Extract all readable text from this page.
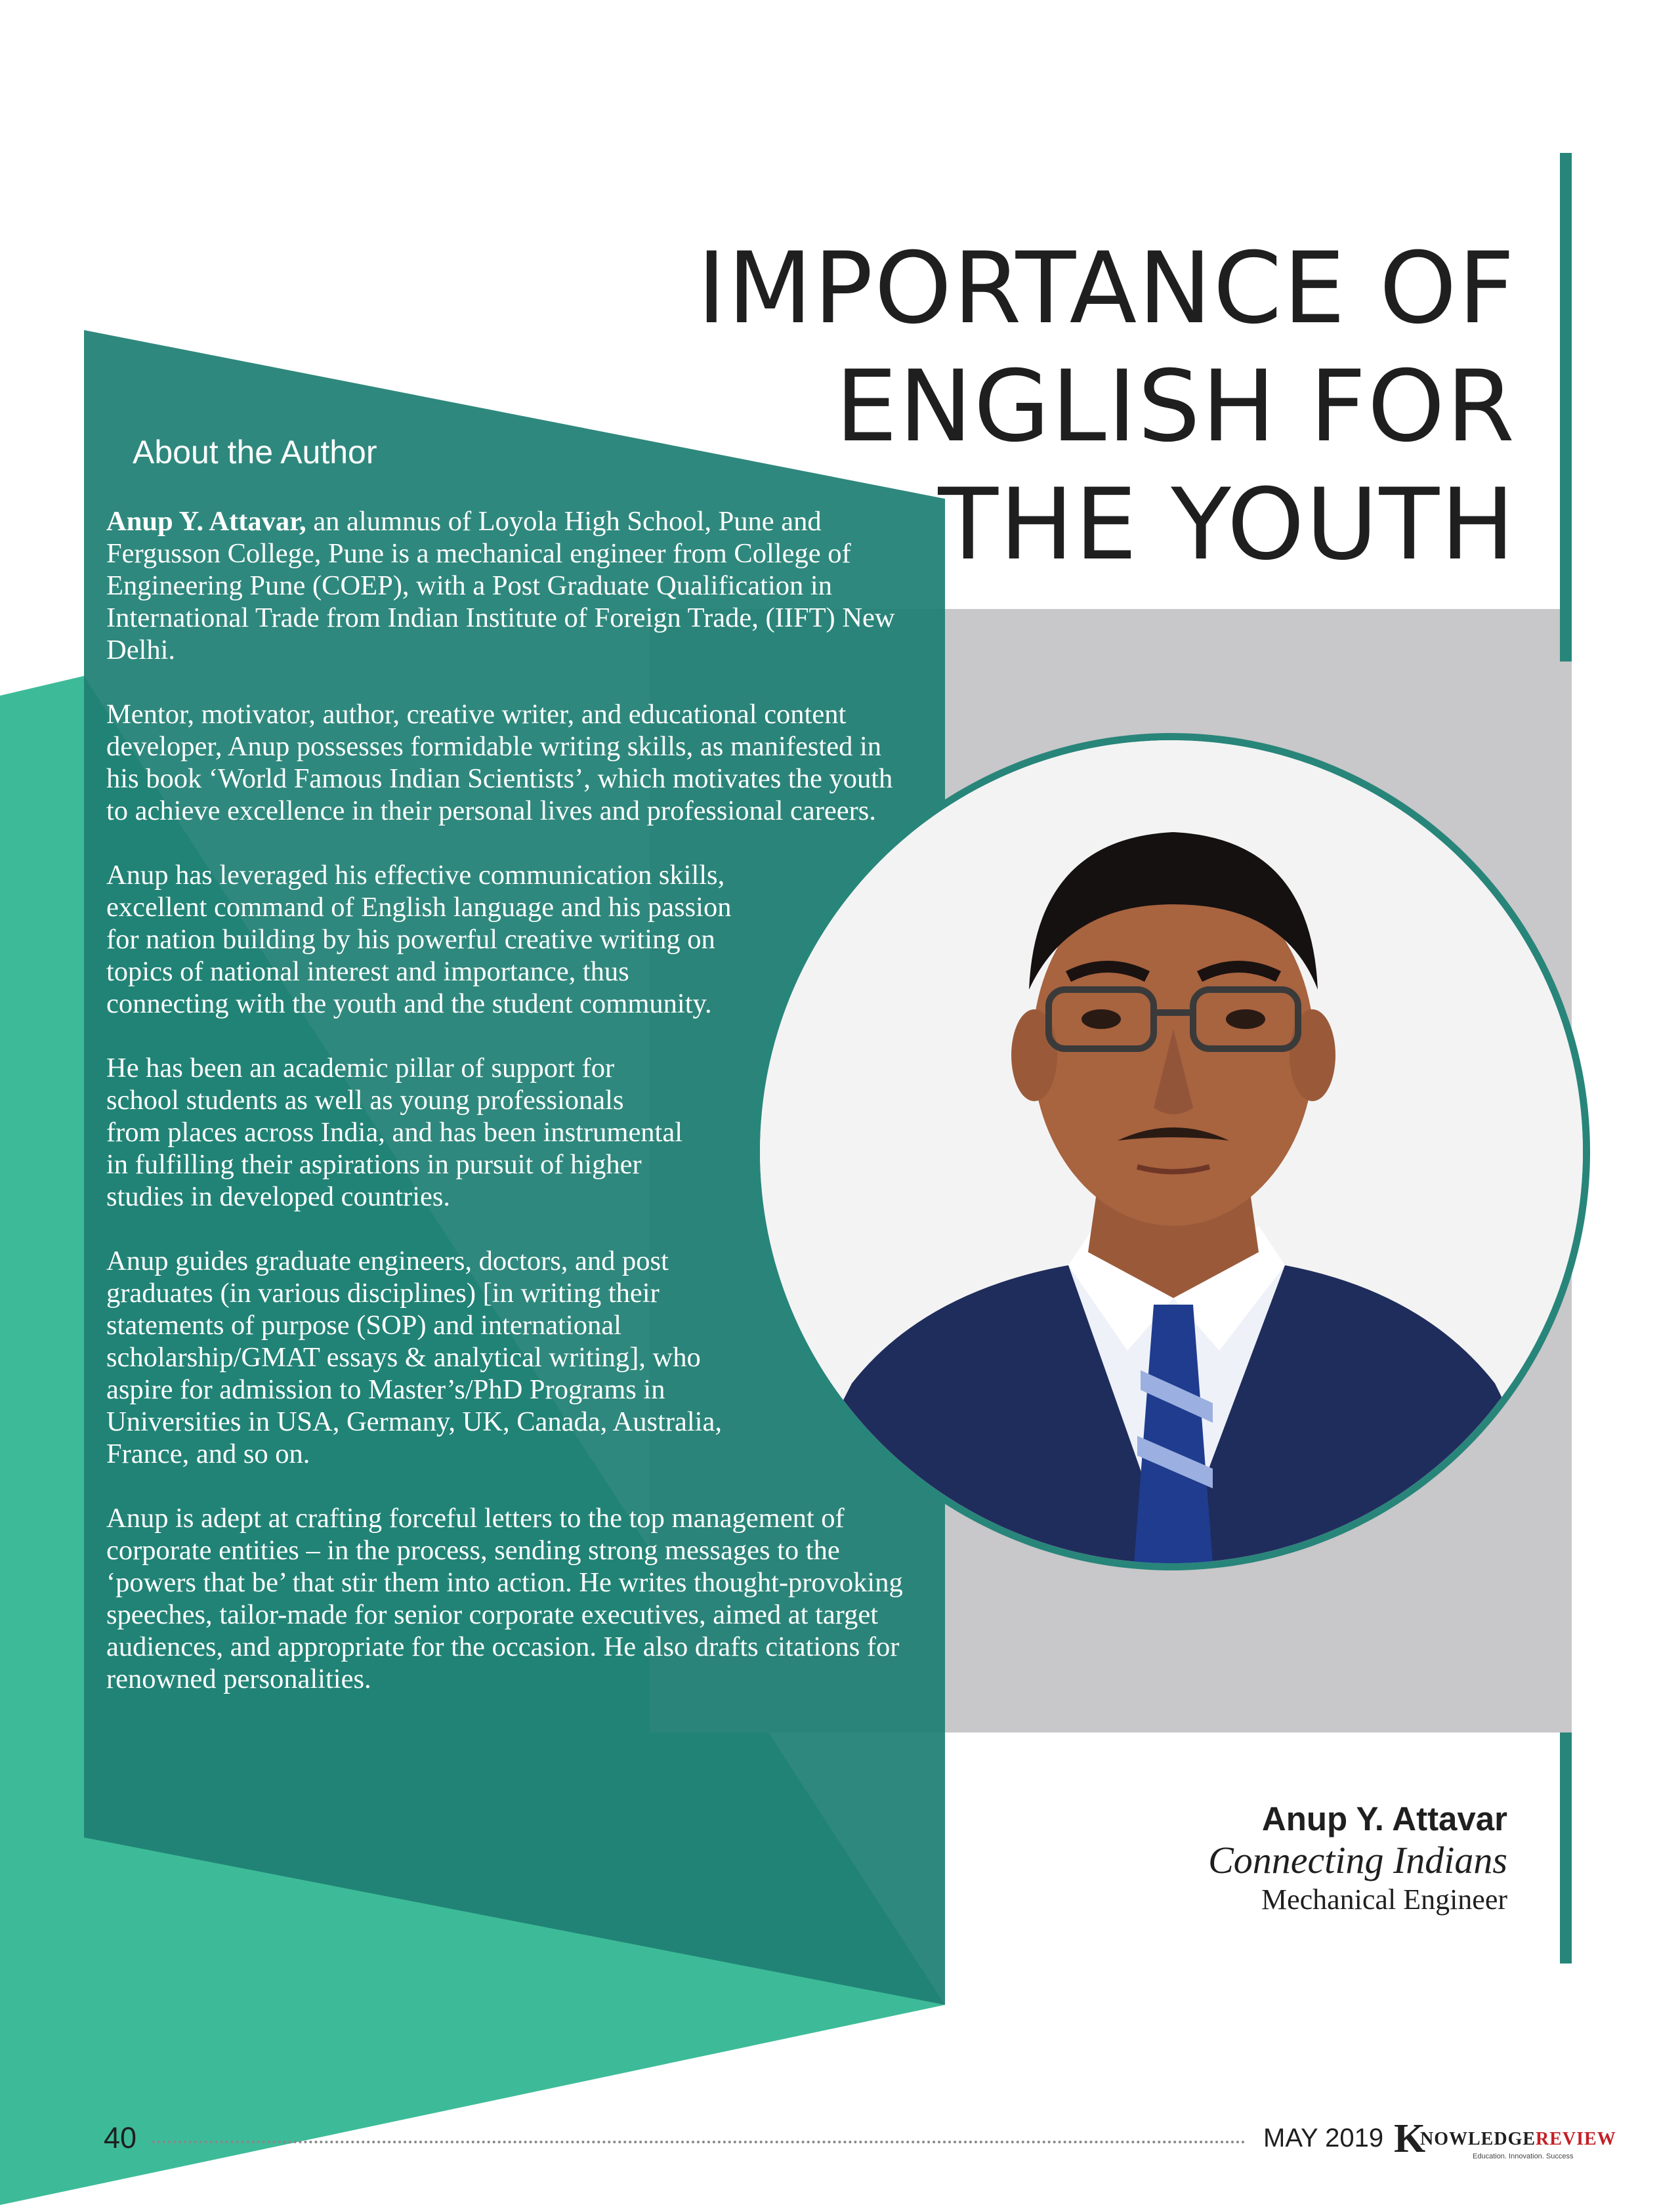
IMPORTANCE OF
ENGLISH FOR
THE YOUTH
About the Author

Anup Y. Attavar, an alumnus of Loyola High School, Pune and Fergusson College, Pune is a mechanical engineer from College of Engineering Pune (COEP), with a Post Graduate Qualification in International Trade from Indian Institute of Foreign Trade, (IIFT) New Delhi.

Mentor, motivator, author, creative writer, and educational content developer, Anup possesses formidable writing skills, as manifested in his book ‘World Famous Indian Scientists’, which motivates the youth to achieve excellence in their personal lives and professional careers.

Anup has leveraged his effective communication skills, excellent command of English language and his passion for nation building by his powerful creative writing on topics of national interest and importance, thus connecting with the youth and the student community.

He has been an academic pillar of support for school students as well as young professionals from places across India, and has been instrumental in fulfilling their aspirations in pursuit of higher studies in developed countries.

Anup guides graduate engineers, doctors, and post graduates (in various disciplines) [in writing their statements of purpose (SOP) and international scholarship/GMAT essays & analytical writing], who aspire for admission to Master’s/PhD Programs in Universities in USA, Germany, UK, Canada, Australia, France, and so on.

Anup is adept at crafting forceful letters to the top management of corporate entities – in the process, sending strong messages to the ‘powers that be’ that stir them into action. He writes thought-provoking speeches, tailor-made for senior corporate executives, aimed at target audiences, and appropriate for the occasion. He also drafts citations for renowned personalities.

Anup Y. Attavar
Connecting Indians
Mechanical Engineer
40	MAY 2019 K
NOWLEDGEREVIEW
Education. Innovation. Success
